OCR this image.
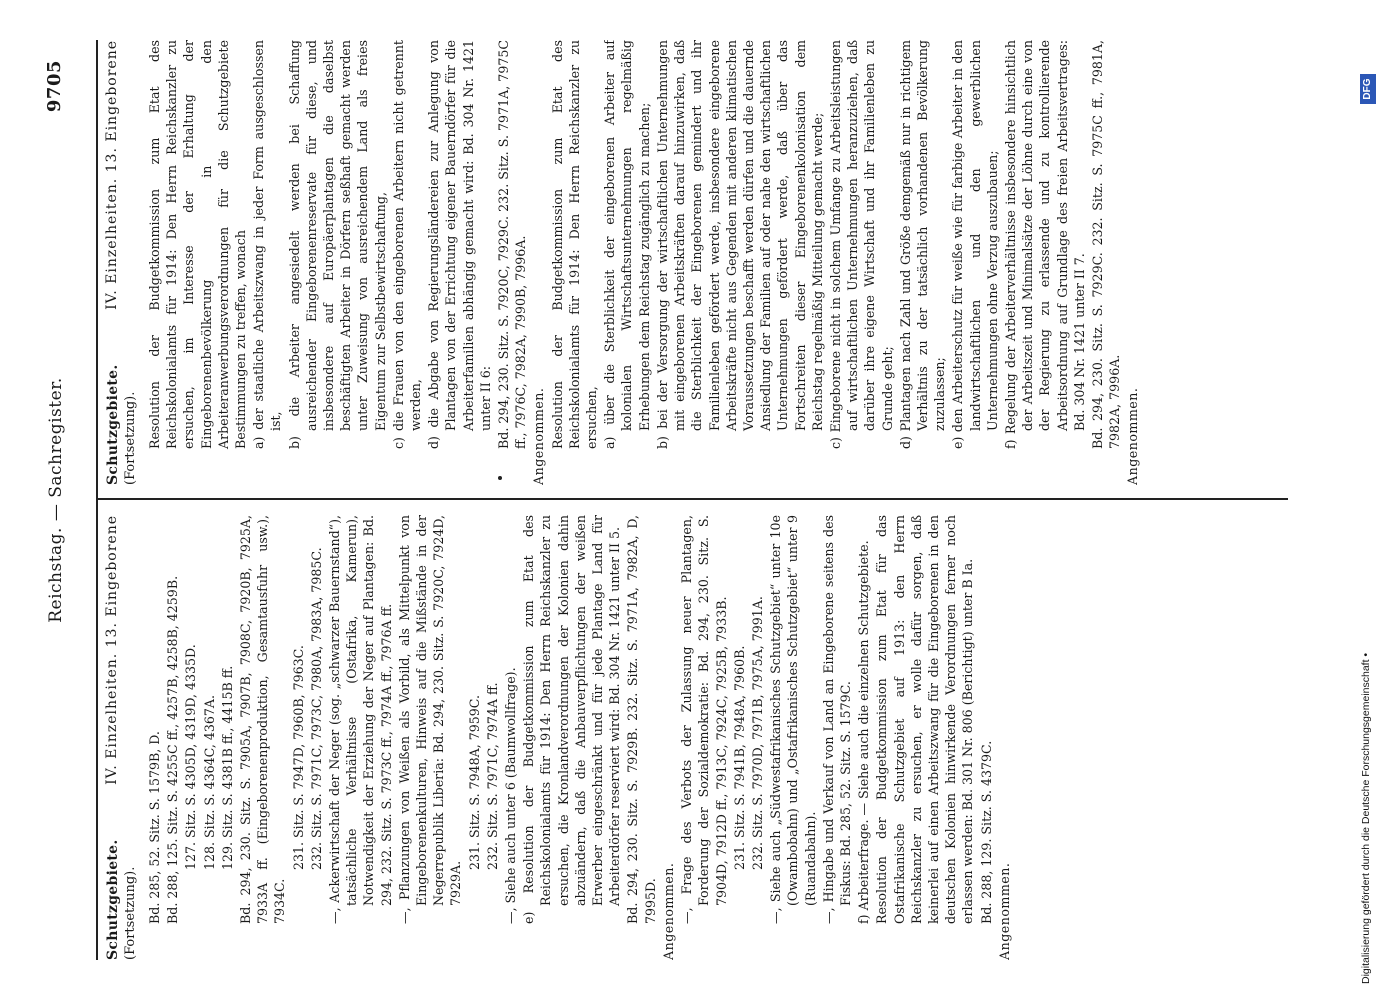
Reichstag. — Sachregister.
9705
Schutzgebiete. (Fortsetzung).
IV. Einzelheiten. 13. Eingeborene
Bd. 285, 52. Sitz. S. 1579B, D. Bd. 288, 125. Sitz. S. 4255C ff., 4257B, 4258B, 4259B. 127. Sitz. S. 4305D, 4319D, 4335D. 128. Sitz. S. 4364C, 4367A. 129. Sitz. S. 4381B ff., 4415B ff. Bd. 294, 230. Sitz. S. 7905A, 7907B, 7908C, 7920B, 7925A, 7933A ff. (Eingeborenenproduktion, Gesamtausfuhr usw.), 7934C.
231. Sitz. S. 7947D, 7960B, 7963C. 232. Sitz. S. 7971C, 7973C, 7980A, 7983A, 7985C. —, Ackerwirtschaft der Neger (sog. „schwarzer Bauernstand“), tatsächliche Verhältnisse (Ostafrika, Kamerun), Notwendigkeit der Erziehung der Neger auf Plantagen: Bd. 294, 232. Sitz. S. 7973C ff., 7974A ff., 7976A ff. —, Pflanzungen von Weißen als Vorbild, als Mittelpunkt von Eingeborenenkulturen, Hinweis auf die Mißstände in der Negerrepublik Liberia: Bd. 294, 230. Sitz. S. 7920C, 7924D, 7929A.
231. Sitz. S. 7948A, 7959C. 232. Sitz. S. 7971C, 7974A ff. —, Siehe auch unter 6 (Baumwollfrage). e) Resolution der Budgetkommission zum Etat des Reichskolonialamts für 1914: Den Herrn Reichskanzler zu ersuchen, die Kronlandverordnungen der Kolonien dahin abzuändern, daß die Anbauverpflichtungen der weißen Erwerber eingeschränkt und für jede Plantage Land für Arbeiterdörfer reserviert wird: Bd. 304 Nr. 1421 unter II 5. Bd. 294, 230. Sitz. S. 7929B. 232. Sitz. S. 7971A, 7982A, D, 7995D. Angenommen. —, Frage des Verbots der Zulassung neuer Plantagen, Forderung der Sozialdemokratie: Bd. 294, 230. Sitz. S. 7904D, 7912D ff., 7913C, 7924C, 7925B, 7933B. 231. Sitz. S. 7941B, 7948A, 7960B. 232. Sitz. S. 7970D, 7971B, 7975A, 7991A. —, Siehe auch „Südwestafrikanisches Schutzgebiet“ unter 10e (Owambobahn) und „Ostafrikanisches Schutzgebiet“ unter 9 (Ruandabahn). —, Hingabe und Verkauf von Land an Eingeborene seitens des Fiskus: Bd. 285, 52. Sitz. S. 1579C. f) Arbeiterfrage. — Siehe auch die einzelnen Schutzgebiete. Resolution der Budgetkommission zum Etat für das Ostafrikanische Schutzgebiet auf 1913: den Herrn Reichskanzler zu ersuchen, er wolle dafür sorgen, daß keinerlei auf einen Arbeitszwang für die Eingeborenen in den deutschen Kolonien hinwirkende Verordnungen ferner noch erlassen werden: Bd. 301 Nr. 806 (Berichtigt) unter B Ia. Bd. 288, 129. Sitz. S. 4379C. Angenommen.
Schutzgebiete. (Fortsetzung).
IV. Einzelheiten. 13. Eingeborene Resolution der Budgetkommission zum Etat des Reichskolonialamts für 1914: Den Herrn Reichskanzler zu ersuchen, im Interesse der Erhaltung der Eingeborenenbevölkerung in den Arbeiteranwerbungsverordnungen für die Schutzgebiete Bestimmungen zu treffen, wonach a) der staatliche Arbeitszwang in jeder Form ausgeschlossen ist, b) die Arbeiter angesiedelt werden bei Schaffung ausreichender Eingeborenenreservate für diese, und insbesondere auf Europäerplantagen die daselbst beschäftigten Arbeiter in Dörfern seßhaft gemacht werden unter Zuweisung von ausreichendem Land als freies Eigentum zur Selbstbewirtschaftung, c) die Frauen von den eingeborenen Arbeitern nicht getrennt werden, d) die Abgabe von Regierungsländereien zur Anlegung von Plantagen von der Errichtung eigener Bauerndörfer für die Arbeiterfamilien abhängig gemacht wird: Bd. 304 Nr. 1421 unter II 6: Bd. 294, 230. Sitz. S. 7920C, 7929C. 232. Sitz. S. 7971A, 7975C ff., 7976C, 7982A, 7990B, 7996A. Angenommen. Resolution der Budgetkommission zum Etat des Reichskolonialamts für 1914: Den Herrn Reichskanzler zu ersuchen, a) über die Sterblichkeit der eingeborenen Arbeiter auf kolonialen Wirtschaftsunternehmungen regelmäßig Erhebungen dem Reichstag zugänglich zu machen; b) bei der Versorgung der wirtschaftlichen Unternehmungen mit eingeborenen Arbeitskräften darauf hinzuwirken, daß die Sterblichkeit der Eingeborenen gemindert und ihr Familienleben gefördert werde, insbesondere eingeborene Arbeitskräfte nicht aus Gegenden mit anderen klimatischen Voraussetzungen beschafft werden dürfen und die dauernde Ansiedlung der Familien auf oder nahe den wirtschaftlichen Unternehmungen gefördert werde, daß über das Fortschreiten dieser Eingeborenenkolonisation dem Reichstag regelmäßig Mitteilung gemacht werde; c) Eingeborene nicht in solchem Umfange zu Arbeitsleistungen auf wirtschaftlichen Unternehmungen heranzuziehen, daß darüber ihre eigene Wirtschaft und ihr Familienleben zu Grunde geht; d) Plantagen nach Zahl und Größe demgemäß nur in richtigem Verhältnis zu der tatsächlich vorhandenen Bevölkerung zuzulassen; e) den Arbeiterschutz für weiße wie für farbige Arbeiter in den landwirtschaftlichen und den gewerblichen Unternehmungen ohne Verzug auszubauen; f) Regelung der Arbeiterverhältnisse insbesondere hinsichtlich der Arbeitszeit und Minimalsätze der Löhne durch eine von der Regierung zu erlassende und zu kontrollierende Arbeitsordnung auf Grundlage des freien Arbeitsvertrages: Bd. 304 Nr. 1421 unter II 7. Bd. 294, 230. Sitz. S. 7929C. 232. Sitz. S. 7975C ff., 7981A, 7982A, 7996A. Angenommen.
Digitalisierung gefördert durch die Deutsche Forschungsgemeinschaft •
DFG
